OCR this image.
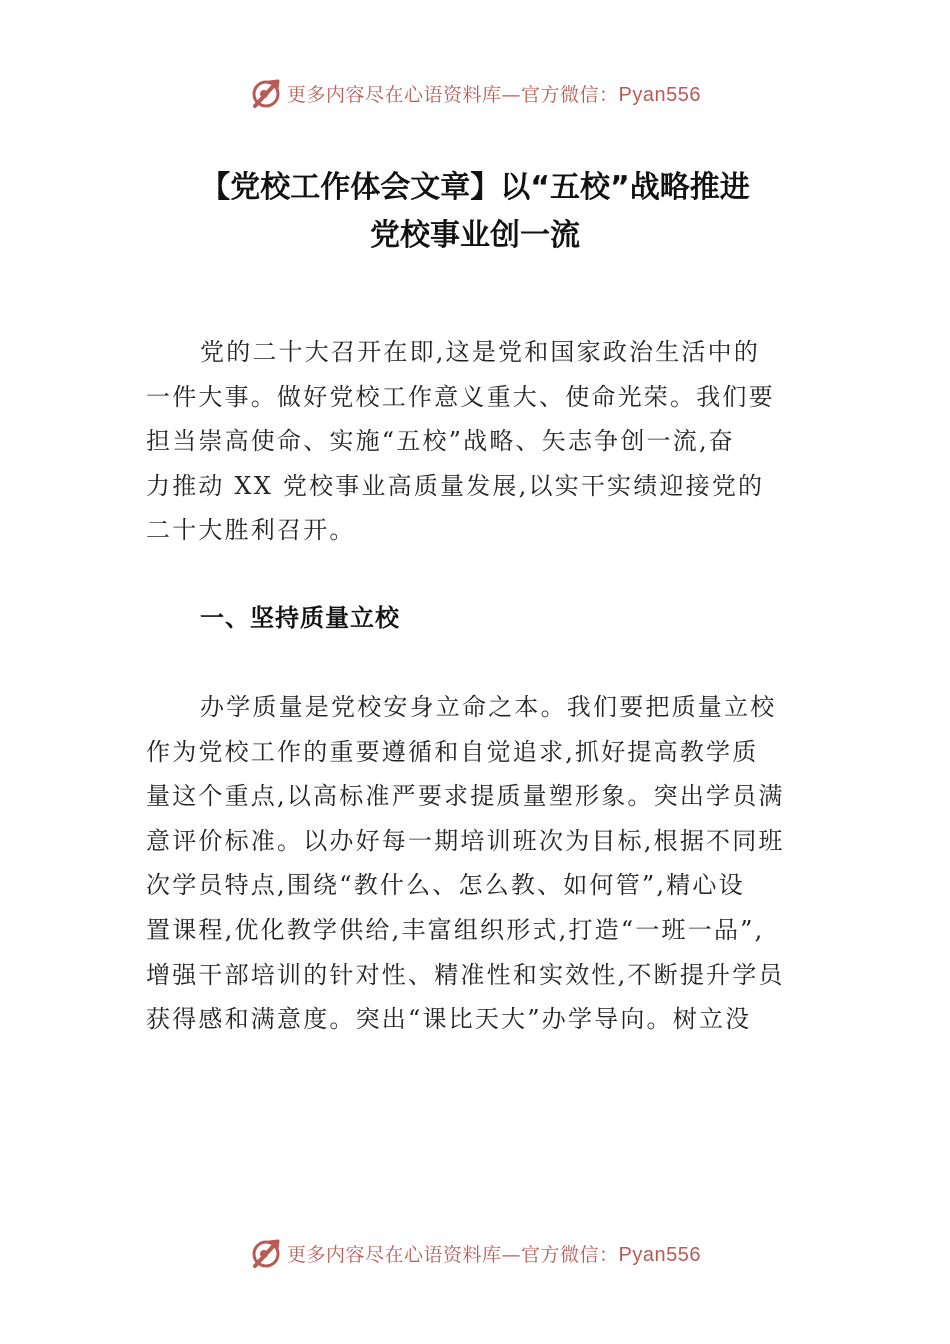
更多内容尽在心语资料库—官方微信：Pyan556
【党校工作体会文章】以“五校”战略推进
党校事业创一流

党的二十大召开在即,这是党和国家政治生活中的
一件大事。做好党校工作意义重大、使命光荣。我们要
担当崇高使命、实施“五校”战略、矢志争创一流,奋
力推动 XX 党校事业高质量发展,以实干实绩迎接党的
二十大胜利召开。

一、坚持质量立校

办学质量是党校安身立命之本。我们要把质量立校
作为党校工作的重要遵循和自觉追求,抓好提高教学质
量这个重点,以高标准严要求提质量塑形象。突出学员满
意评价标准。以办好每一期培训班次为目标,根据不同班
次学员特点,围绕“教什么、怎么教、如何管”,精心设
置课程,优化教学供给,丰富组织形式,打造“一班一品”,
增强干部培训的针对性、精准性和实效性,不断提升学员
获得感和满意度。突出“课比天大”办学导向。树立没

更多内容尽在心语资料库—官方微信：Pyan556
